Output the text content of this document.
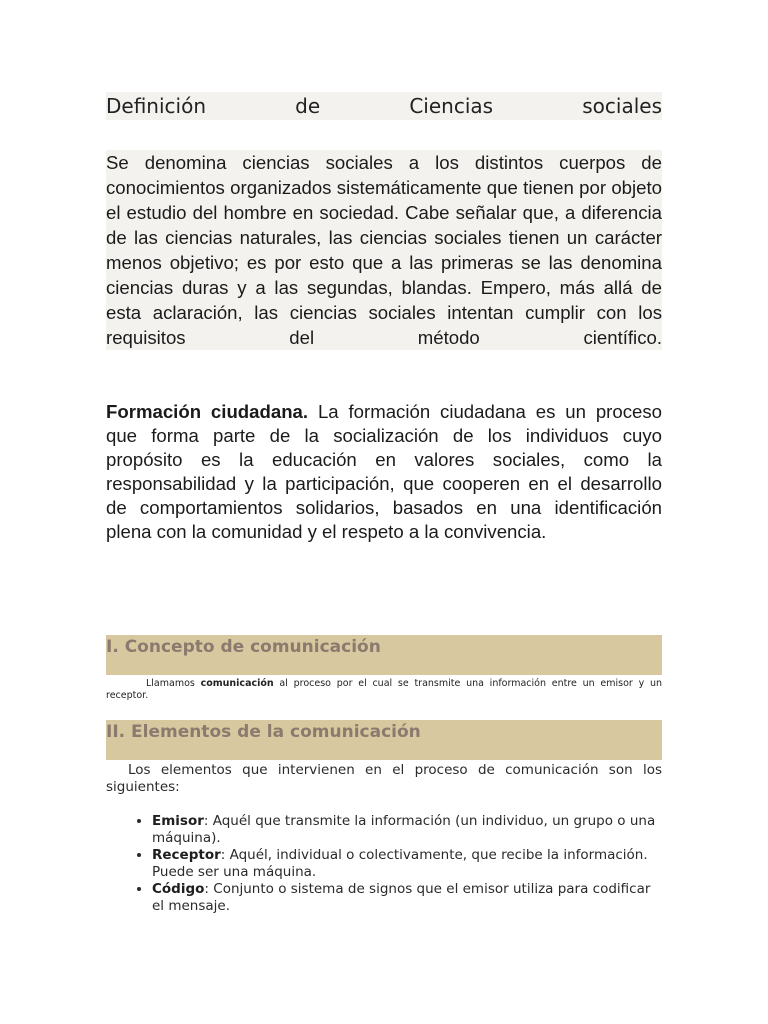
Definición	de	Ciencias	sociales

Se denomina ciencias sociales a los distintos cuerpos de conocimientos organizados sistemáticamente que tienen por objeto el estudio del hombre en sociedad. Cabe señalar que, a diferencia de las ciencias naturales, las ciencias sociales tienen un carácter menos objetivo; es por esto que a las primeras se las denomina ciencias duras y a las segundas, blandas. Empero, más allá de esta aclaración, las ciencias sociales intentan cumplir con los requisitos del método científico.

Formación ciudadana. La formación ciudadana es un proceso que forma parte de la socialización de los individuos cuyo propósito es la educación en valores sociales, como la responsabilidad y la participación, que cooperen en el desarrollo de comportamientos solidarios, basados en una identificación plena con la comunidad y el respeto a la convivencia.

I. Concepto de comunicación

Llamamos comunicación al proceso por el cual se transmite una información entre un emisor y un receptor.

II. Elementos de la comunicación

Los elementos que intervienen en el proceso de comunicación son los siguientes:

• Emisor: Aquél que transmite la información (un individuo, un grupo o una máquina).
• Receptor: Aquél, individual o colectivamente, que recibe la información. Puede ser una máquina.
• Código: Conjunto o sistema de signos que el emisor utiliza para codificar el mensaje.
